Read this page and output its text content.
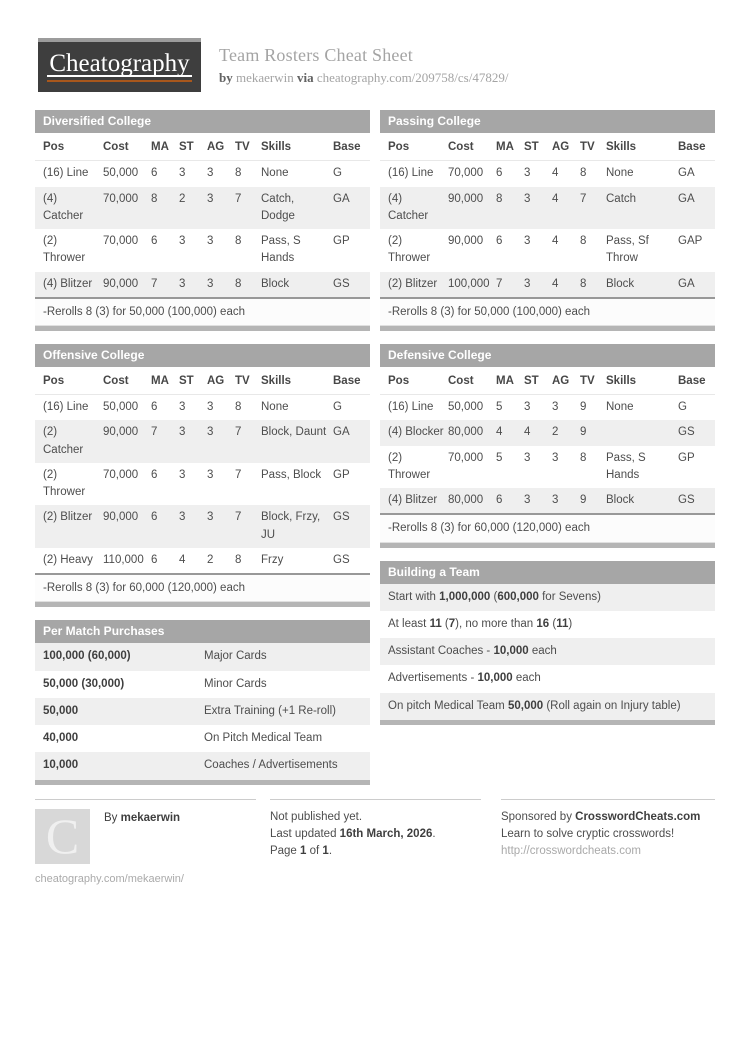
Cheatography Team Rosters Cheat Sheet
by mekaerwin via cheatography.com/209758/cs/47829/
Diversified College
Pos	Cost	MA	ST	AG	TV	Skills	Base
(16) Line	50,000	6	3	3	8	None	G
(4) Catcher	70,000	8	2	3	7	Catch, Dodge	GA
(2) Thrower	70,000	6	3	3	8	Pass, S Hands	GP
(4) Blitzer	90,000	7	3	3	8	Block	GS
-Rerolls 8 (3) for 50,000 (100,000) each
Offensive College
Pos	Cost	MA	ST	AG	TV	Skills	Base
(16) Line	50,000	6	3	3	8	None	G
(2) Catcher	90,000	7	3	3	7	Block, Daunt	GA
(2) Thrower	70,000	6	3	3	7	Pass, Block	GP
(2) Blitzer	90,000	6	3	3	7	Block, Frzy, JU	GS
(2) Heavy	110,000	6	4	2	8	Frzy	GS
-Rerolls 8 (3) for 60,000 (120,000) each
Per Match Purchases
100,000 (60,000)	Major Cards
50,000 (30,000)	Minor Cards
50,000	Extra Training (+1 Re-roll)
40,000	On Pitch Medical Team
10,000	Coaches / Advertisements
Passing College
Pos	Cost	MA	ST	AG	TV	Skills	Base
(16) Line	70,000	6	3	4	8	None	GA
(4) Catcher	90,000	8	3	4	7	Catch	GA
(2) Thrower	90,000	6	3	4	8	Pass, Sf Throw	GAP
(2) Blitzer	100,000	7	3	4	8	Block	GA
-Rerolls 8 (3) for 50,000 (100,000) each
Defensive College
Pos	Cost	MA	ST	AG	TV	Skills	Base
(16) Line	50,000	5	3	3	9	None	G
(4) Blocker	80,000	4	4	2	9		GS
(2) Thrower	70,000	5	3	3	8	Pass, S Hands	GP
(4) Blitzer	80,000	6	3	3	9	Block	GS
-Rerolls 8 (3) for 60,000 (120,000) each
Building a Team
Start with 1,000,000 (600,000 for Sevens)
At least 11 (7), no more than 16 (11)
Assistant Coaches - 10,000 each
Advertisements - 10,000 each
On pitch Medical Team 50,000 (Roll again on Injury table)
C	By mekaerwin
cheatography.com/mekaerwin/
Not published yet.
Last updated 16th March, 2026.
Page 1 of 1.
Sponsored by CrosswordCheats.com
Learn to solve cryptic crosswords!
http://crosswordcheats.com
